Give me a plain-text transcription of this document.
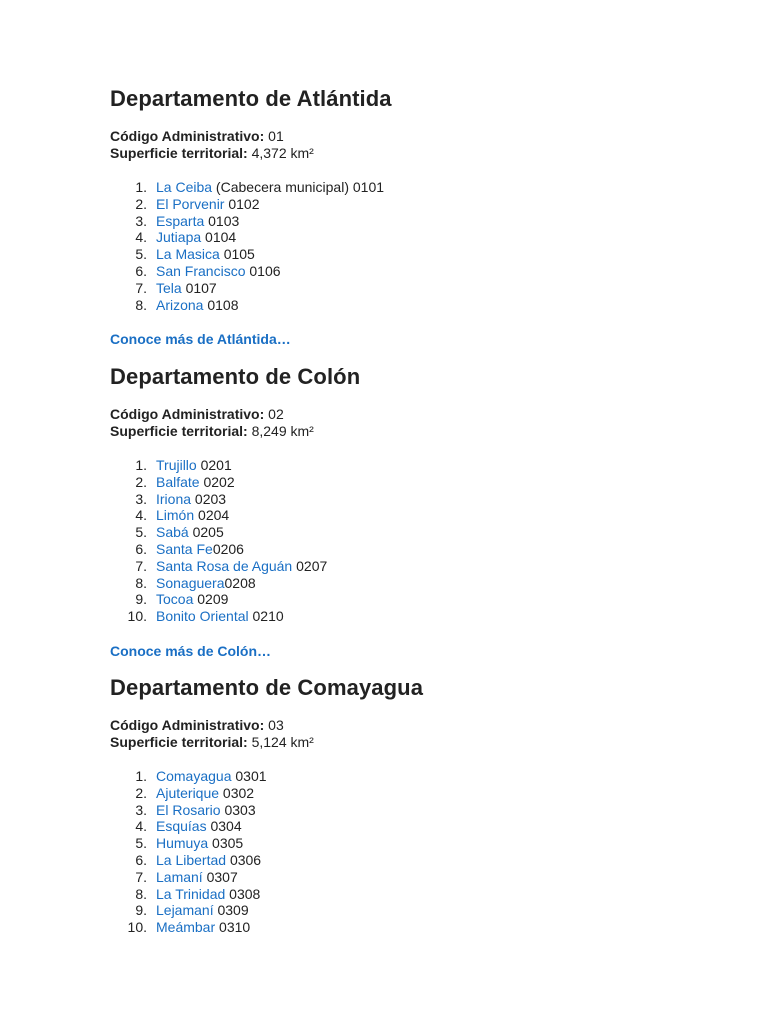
Departamento de Atlántida
Código Administrativo: 01
Superficie territorial: 4,372 km²
1. La Ceiba (Cabecera municipal) 0101
2. El Porvenir 0102
3. Esparta 0103
4. Jutiapa 0104
5. La Masica 0105
6. San Francisco 0106
7. Tela 0107
8. Arizona 0108
Conoce más de Atlántida…
Departamento de Colón
Código Administrativo: 02
Superficie territorial: 8,249 km²
1. Trujillo 0201
2. Balfate 0202
3. Iriona 0203
4. Limón 0204
5. Sabá 0205
6. Santa Fe0206
7. Santa Rosa de Aguán 0207
8. Sonaguera0208
9. Tocoa 0209
10. Bonito Oriental 0210
Conoce más de Colón…
Departamento de Comayagua
Código Administrativo: 03
Superficie territorial: 5,124 km²
1. Comayagua 0301
2. Ajuterique 0302
3. El Rosario 0303
4. Esquías 0304
5. Humuya 0305
6. La Libertad 0306
7. Lamaní 0307
8. La Trinidad 0308
9. Lejamaní 0309
10. Meámbar 0310
